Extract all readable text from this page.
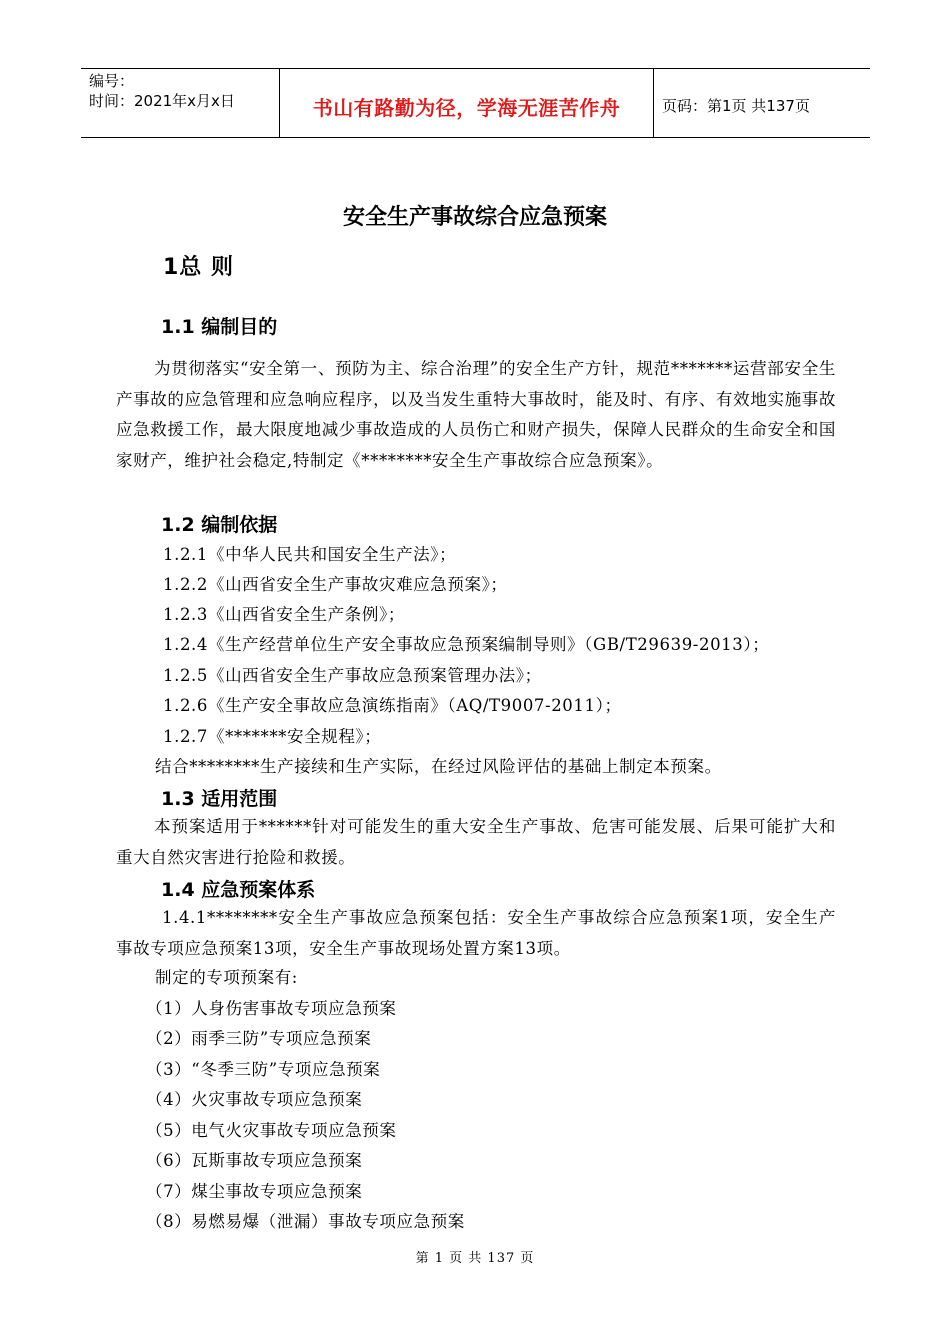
编号：
时间：2021年x月x日	书山有路勤为径，学海无涯苦作舟	页码：第1页 共137页
安全生产事故综合应急预案
1总 则
1.1 编制目的
为贯彻落实“安全第一、预防为主、综合治理”的安全生产方针，规范*******运营部安全生产事故的应急管理和应急响应程序，以及当发生重特大事故时，能及时、有序、有效地实施事故应急救援工作，最大限度地减少事故造成的人员伤亡和财产损失，保障人民群众的生命安全和国家财产，维护社会稳定,特制定《********安全生产事故综合应急预案》。
1.2 编制依据
1.2.1《中华人民共和国安全生产法》；
1.2.2《山西省安全生产事故灾难应急预案》；
1.2.3《山西省安全生产条例》；
1.2.4《生产经营单位生产安全事故应急预案编制导则》（GB/T29639-2013）；
1.2.5《山西省安全生产事故应急预案管理办法》；
1.2.6《生产安全事故应急演练指南》（AQ/T9007-2011）；
1.2.7《*******安全规程》；
结合********生产接续和生产实际，在经过风险评估的基础上制定本预案。
1.3 适用范围
本预案适用于******针对可能发生的重大安全生产事故、危害可能发展、后果可能扩大和重大自然灾害进行抢险和救援。
1.4 应急预案体系
1.4.1********安全生产事故应急预案包括：安全生产事故综合应急预案1项，安全生产事故专项应急预案13项，安全生产事故现场处置方案13项。
制定的专项预案有:
（1）人身伤害事故专项应急预案
（2）雨季三防”专项应急预案
（3）“冬季三防”专项应急预案
（4）火灾事故专项应急预案
（5）电气火灾事故专项应急预案
（6）瓦斯事故专项应急预案
（7）煤尘事故专项应急预案
（8）易燃易爆（泄漏）事故专项应急预案
第 1 页 共 137 页
